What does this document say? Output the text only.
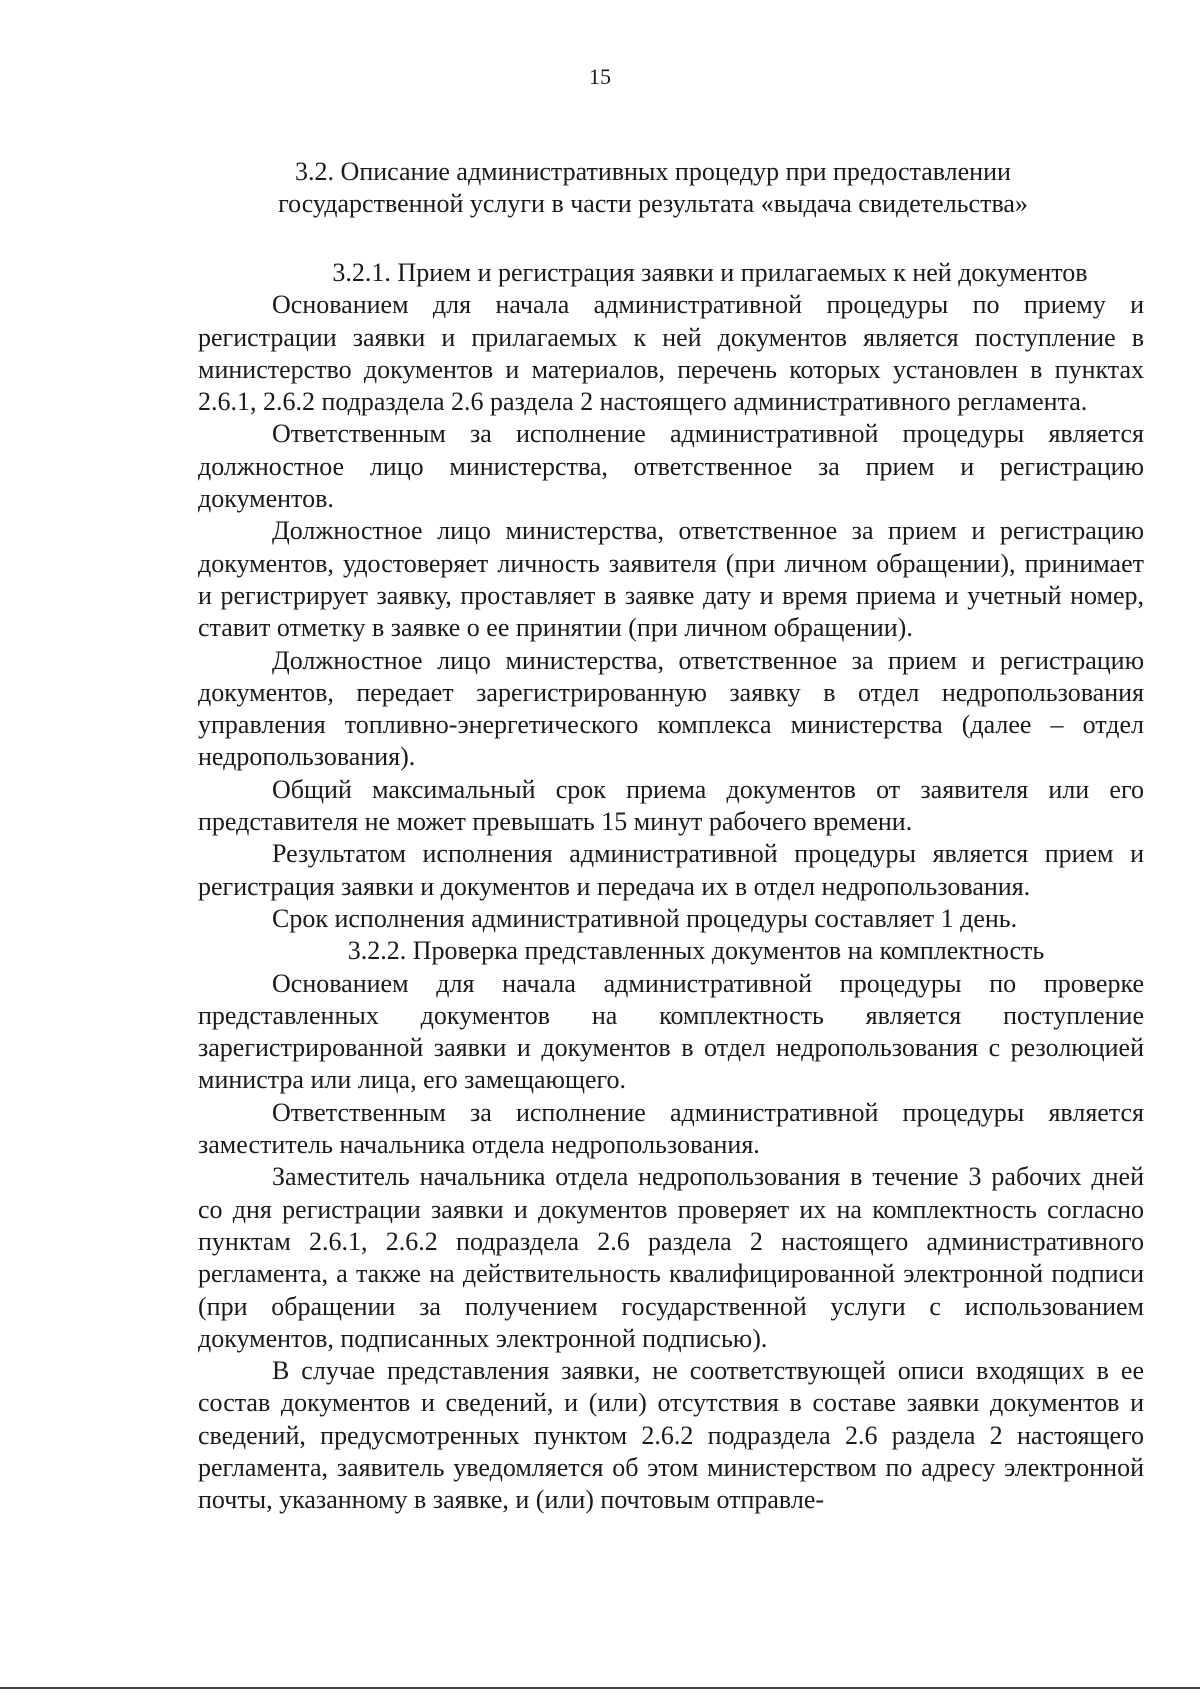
15
3.2. Описание административных процедур при предоставлении государственной услуги в части результата «выдача свидетельства»

3.2.1. Прием и регистрация заявки и прилагаемых к ней документов

Основанием для начала административной процедуры по приему и регистрации заявки и прилагаемых к ней документов является поступление в министерство документов и материалов, перечень которых установлен в пунктах 2.6.1, 2.6.2 подраздела 2.6 раздела 2 настоящего административного регламента.

Ответственным за исполнение административной процедуры является должностное лицо министерства, ответственное за прием и регистрацию документов.

Должностное лицо министерства, ответственное за прием и регистрацию документов, удостоверяет личность заявителя (при личном обращении), принимает и регистрирует заявку, проставляет в заявке дату и время приема и учетный номер, ставит отметку в заявке о ее принятии (при личном обращении).

Должностное лицо министерства, ответственное за прием и регистрацию документов, передает зарегистрированную заявку в отдел недропользования управления топливно-энергетического комплекса министерства (далее – отдел недропользования).

Общий максимальный срок приема документов от заявителя или его представителя не может превышать 15 минут рабочего времени.

Результатом исполнения административной процедуры является прием и регистрация заявки и документов и передача их в отдел недропользования.

Срок исполнения административной процедуры составляет 1 день.

3.2.2. Проверка представленных документов на комплектность

Основанием для начала административной процедуры по проверке представленных документов на комплектность является поступление зарегистрированной заявки и документов в отдел недропользования с резолюцией министра или лица, его замещающего.

Ответственным за исполнение административной процедуры является заместитель начальника отдела недропользования.

Заместитель начальника отдела недропользования в течение 3 рабочих дней со дня регистрации заявки и документов проверяет их на комплектность согласно пунктам 2.6.1, 2.6.2 подраздела 2.6 раздела 2 настоящего административного регламента, а также на действительность квалифицированной электронной подписи (при обращении за получением государственной услуги с использованием документов, подписанных электронной подписью).

В случае представления заявки, не соответствующей описи входящих в ее состав документов и сведений, и (или) отсутствия в составе заявки документов и сведений, предусмотренных пунктом 2.6.2 подраздела 2.6 раздела 2 настоящего регламента, заявитель уведомляется об этом министерством по адресу электронной почты, указанному в заявке, и (или) почтовым отправле-
